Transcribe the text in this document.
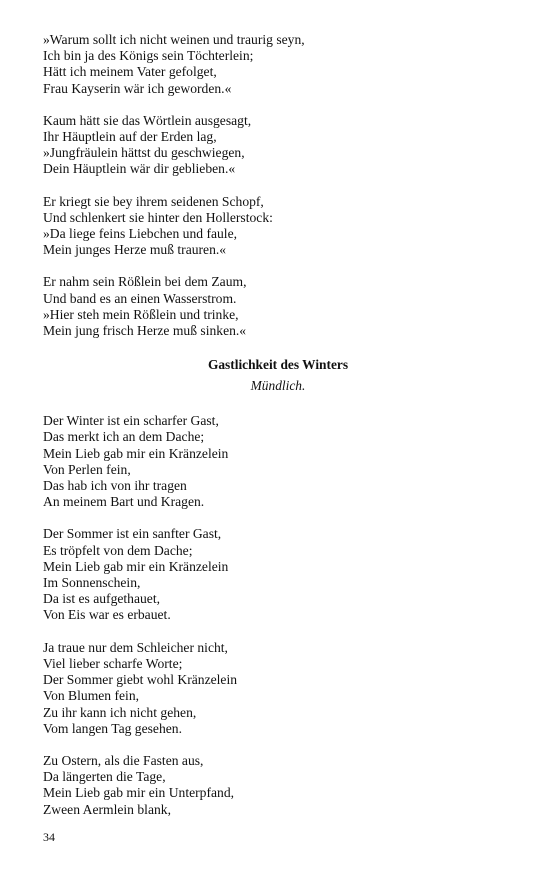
»Warum sollt ich nicht weinen und traurig seyn,
Ich bin ja des Königs sein Töchterlein;
Hätt ich meinem Vater gefolget,
Frau Kayserin wär ich geworden.«
Kaum hätt sie das Wörtlein ausgesagt,
Ihr Häuptlein auf der Erden lag,
»Jungfräulein hättst du geschwiegen,
Dein Häuptlein wär dir geblieben.«
Er kriegt sie bey ihrem seidenen Schopf,
Und schlenkert sie hinter den Hollerstock:
»Da liege feins Liebchen und faule,
Mein junges Herze muß trauren.«
Er nahm sein Rößlein bei dem Zaum,
Und band es an einen Wasserstrom.
»Hier steh mein Rößlein und trinke,
Mein jung frisch Herze muß sinken.«
Gastlichkeit des Winters
Mündlich.
Der Winter ist ein scharfer Gast,
Das merkt ich an dem Dache;
Mein Lieb gab mir ein Kränzelein
Von Perlen fein,
Das hab ich von ihr tragen
An meinem Bart und Kragen.
Der Sommer ist ein sanfter Gast,
Es tröpfelt von dem Dache;
Mein Lieb gab mir ein Kränzelein
Im Sonnenschein,
Da ist es aufgethauet,
Von Eis war es erbauet.
Ja traue nur dem Schleicher nicht,
Viel lieber scharfe Worte;
Der Sommer giebt wohl Kränzelein
Von Blumen fein,
Zu ihr kann ich nicht gehen,
Vom langen Tag gesehen.
Zu Ostern, als die Fasten aus,
Da längerten die Tage,
Mein Lieb gab mir ein Unterpfand,
Zween Aermlein blank,
34
